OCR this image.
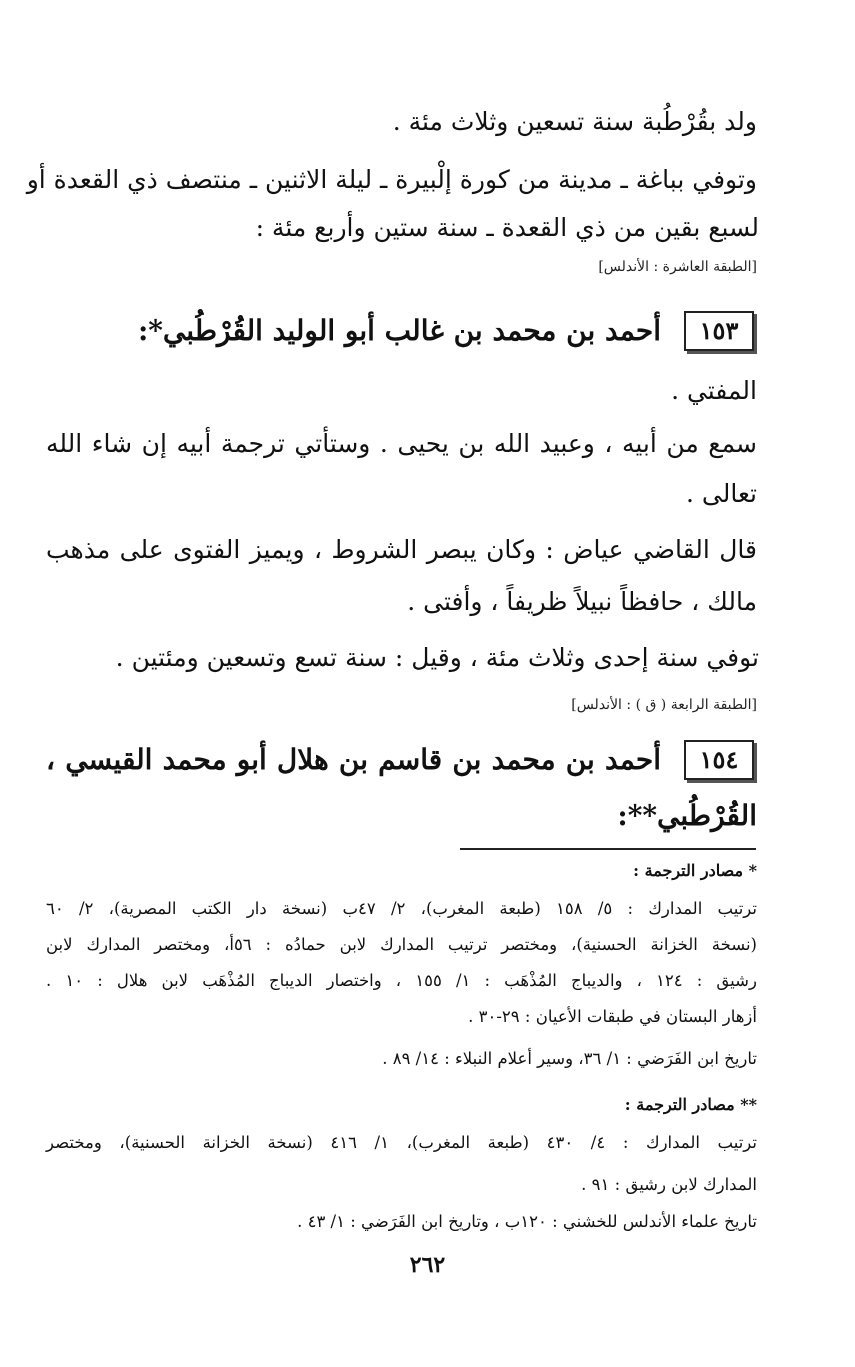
ولد بقُرْطُبة سنة تسعين وثلاث مئة .
وتوفي بباغة ـ مدينة من كورة إلْبيرة ـ ليلة الاثنين ـ منتصف ذي القعدة أو
لسبع بقين من ذي القعدة ـ سنة ستين وأربع مئة :
[الطبقة العاشرة : الأندلس]
١٥٣
أحمد بن محمد بن غالب أبو الوليد القُرْطُبي*:
المفتي .
سمع من أبيه ، وعبيد الله بن يحيى . وستأتي ترجمة أبيه إن شاء الله
تعالى .
قال القاضي عياض : وكان يبصر الشروط ، ويميز الفتوى على مذهب
مالك ، حافظاً نبيلاً ظريفاً ، وأفتى .
توفي سنة إحدى وثلاث مئة ، وقيل : سنة تسع وتسعين ومئتين .
[الطبقة الرابعة ( ق ) : الأندلس]
١٥٤
أحمد بن محمد بن قاسم بن هلال أبو محمد القيسي ،
القُرْطُبي**:
* مصادر الترجمة :
ترتيب المدارك : ٥/ ١٥٨ (طبعة المغرب)، ٢/ ٤٧ب (نسخة دار الكتب المصرية)، ٢/ ٦٠
(نسخة الخزانة الحسنية)، ومختصر ترتيب المدارك لابن حمادُه : ٥٦أ، ومختصر المدارك لابن
رشيق : ١٢٤ ، والديباج المُذْهَب : ١/ ١٥٥ ، واختصار الديباج المُذْهَب لابن هلال : ١٠ .
أزهار البستان في طبقات الأعيان : ٢٩-٣٠ .
تاريخ ابن الفَرَضي : ١/ ٣٦، وسير أعلام النبلاء : ١٤/ ٨٩ .
** مصادر الترجمة :
ترتيب المدارك : ٤/ ٤٣٠ (طبعة المغرب)، ١/ ٤١٦ (نسخة الخزانة الحسنية)، ومختصر
المدارك لابن رشيق : ٩١ .
تاريخ علماء الأندلس للخشني : ١٢٠ب ، وتاريخ ابن الفَرَضي : ١/ ٤٣ .
٢٦٢
